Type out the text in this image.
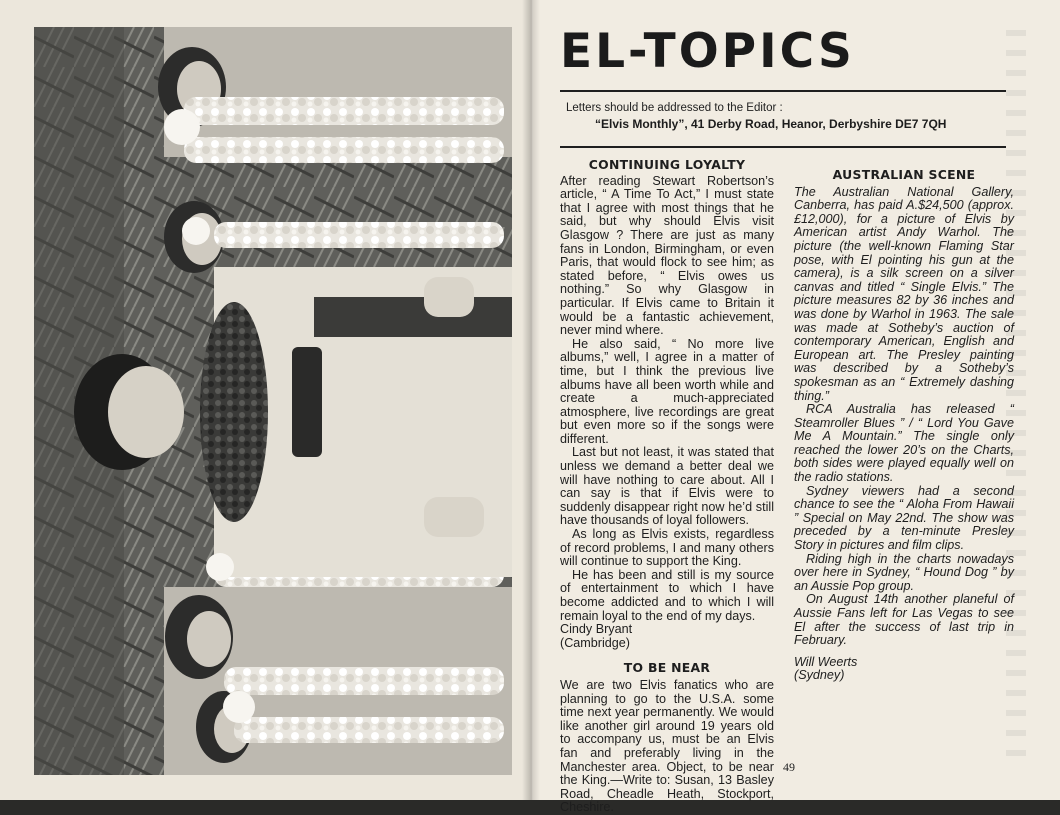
EL-TOPICS
Letters should be addressed to the Editor :
“Elvis Monthly”, 41 Derby Road, Heanor, Derbyshire DE7 7QH
CONTINUING LOYALTY

After reading Stewart Robertson’s article, “ A Time To Act,” I must state that I agree with most things that he said, but why should Elvis visit Glasgow ? There are just as many fans in London, Birmingham, or even Paris, that would flock to see him; as stated before, “ Elvis owes us nothing.” So why Glasgow in particular. If Elvis came to Britain it would be a fantastic achievement, never mind where.

He also said, “ No more live albums,” well, I agree in a matter of time, but I think the previous live albums have all been worth while and create a much-appreciated atmosphere, live recordings are great but even more so if the songs were different.

Last but not least, it was stated that unless we demand a better deal we will have nothing to care about. All I can say is that if Elvis were to suddenly disappear right now he’d still have thousands of loyal followers.

As long as Elvis exists, regardless of record problems, I and many others will continue to support the King.

He has been and still is my source of entertainment to which I have become addicted and to which I will remain loyal to the end of my days.

Cindy Bryant

(Cambridge)

TO BE NEAR

We are two Elvis fanatics who are planning to go to the U.S.A. some time next year permanently. We would like another girl around 19 years old to accompany us, must be an Elvis fan and preferably living in the Manchester area. Object, to be near the King.—Write to: Susan, 13 Basley Road, Cheadle Heath, Stockport, Cheshire.

AUSTRALIAN SCENE

The Australian National Gallery, Canberra, has paid A.$24,500 (approx. £12,000), for a picture of Elvis by American artist Andy Warhol. The picture (the well-known Flaming Star pose, with El pointing his gun at the camera), is a silk screen on a silver canvas and titled “ Single Elvis.” The picture measures 82 by 36 inches and was done by Warhol in 1963. The sale was made at Sotheby’s auction of contemporary American, English and European art. The Presley painting was described by a Sotheby’s spokesman as an “ Extremely dashing thing.”

RCA Australia has released “ Steamroller Blues ” / “ Lord You Gave Me A Mountain.” The single only reached the lower 20’s on the Charts, both sides were played equally well on the radio stations.

Sydney viewers had a second chance to see the “ Aloha From Hawaii ” Special on May 22nd. The show was preceded by a ten-minute Presley Story in pictures and film clips.

Riding high in the charts nowadays over here in Sydney, “ Hound Dog ” by an Aussie Pop group.

On August 14th another planeful of Aussie Fans left for Las Vegas to see El after the success of last trip in February.

Will Weerts

(Sydney)

49
